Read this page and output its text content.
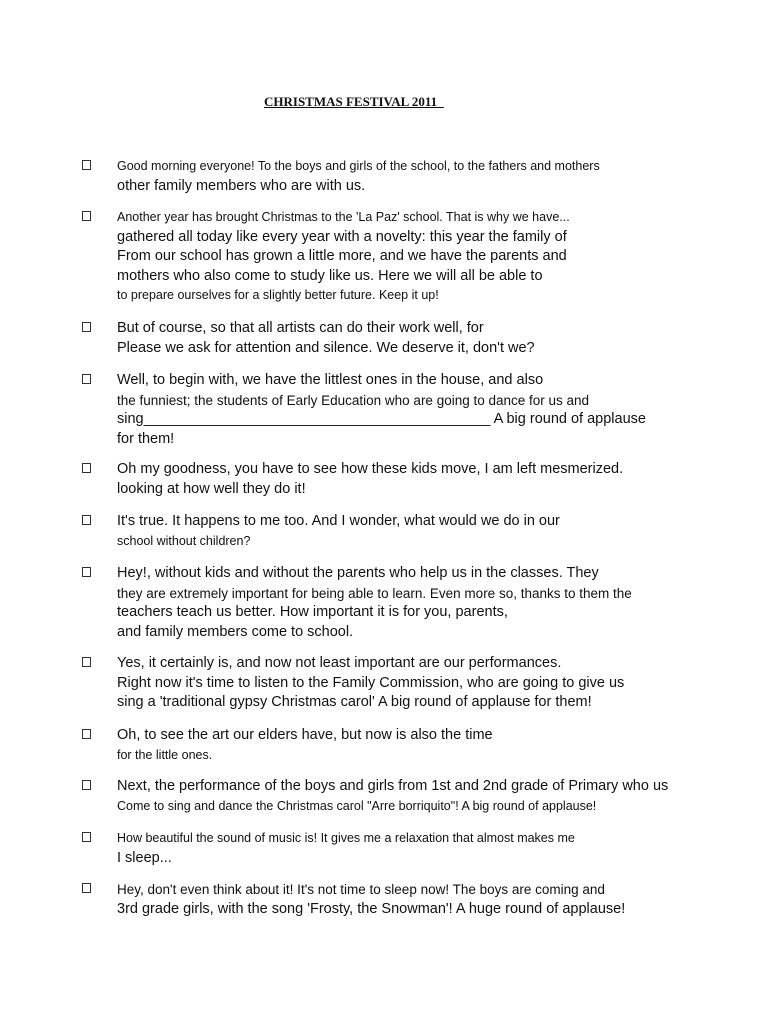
CHRISTMAS FESTIVAL 2011_
Good morning everyone! To the boys and girls of the school, to the fathers and mothers
other family members who are with us.
Another year has brought Christmas to the 'La Paz' school. That is why we have...
gathered all today like every year with a novelty: this year the family of
From our school has grown a little more, and we have the parents and
mothers who also come to study like us. Here we will all be able to
to prepare ourselves for a slightly better future. Keep it up!
But of course, so that all artists can do their work well, for
Please we ask for attention and silence. We deserve it, don't we?
Well, to begin with, we have the littlest ones in the house, and also
the funniest; the students of Early Education who are going to dance for us and
sing___________________________________________ A big round of applause
for them!
Oh my goodness, you have to see how these kids move, I am left mesmerized.
looking at how well they do it!
It's true. It happens to me too. And I wonder, what would we do in our
school without children?
Hey!, without kids and without the parents who help us in the classes. They
they are extremely important for being able to learn. Even more so, thanks to them the
teachers teach us better. How important it is for you, parents,
and family members come to school.
Yes, it certainly is, and now not least important are our performances.
Right now it's time to listen to the Family Commission, who are going to give us
sing a 'traditional gypsy Christmas carol' A big round of applause for them!
Oh, to see the art our elders have, but now is also the time
for the little ones.
Next, the performance of the boys and girls from 1st and 2nd grade of Primary who us
Come to sing and dance the Christmas carol "Arre borriquito"! A big round of applause!
How beautiful the sound of music is! It gives me a relaxation that almost makes me
I sleep...
Hey, don't even think about it! It's not time to sleep now! The boys are coming and
3rd grade girls, with the song 'Frosty, the Snowman'! A huge round of applause!
